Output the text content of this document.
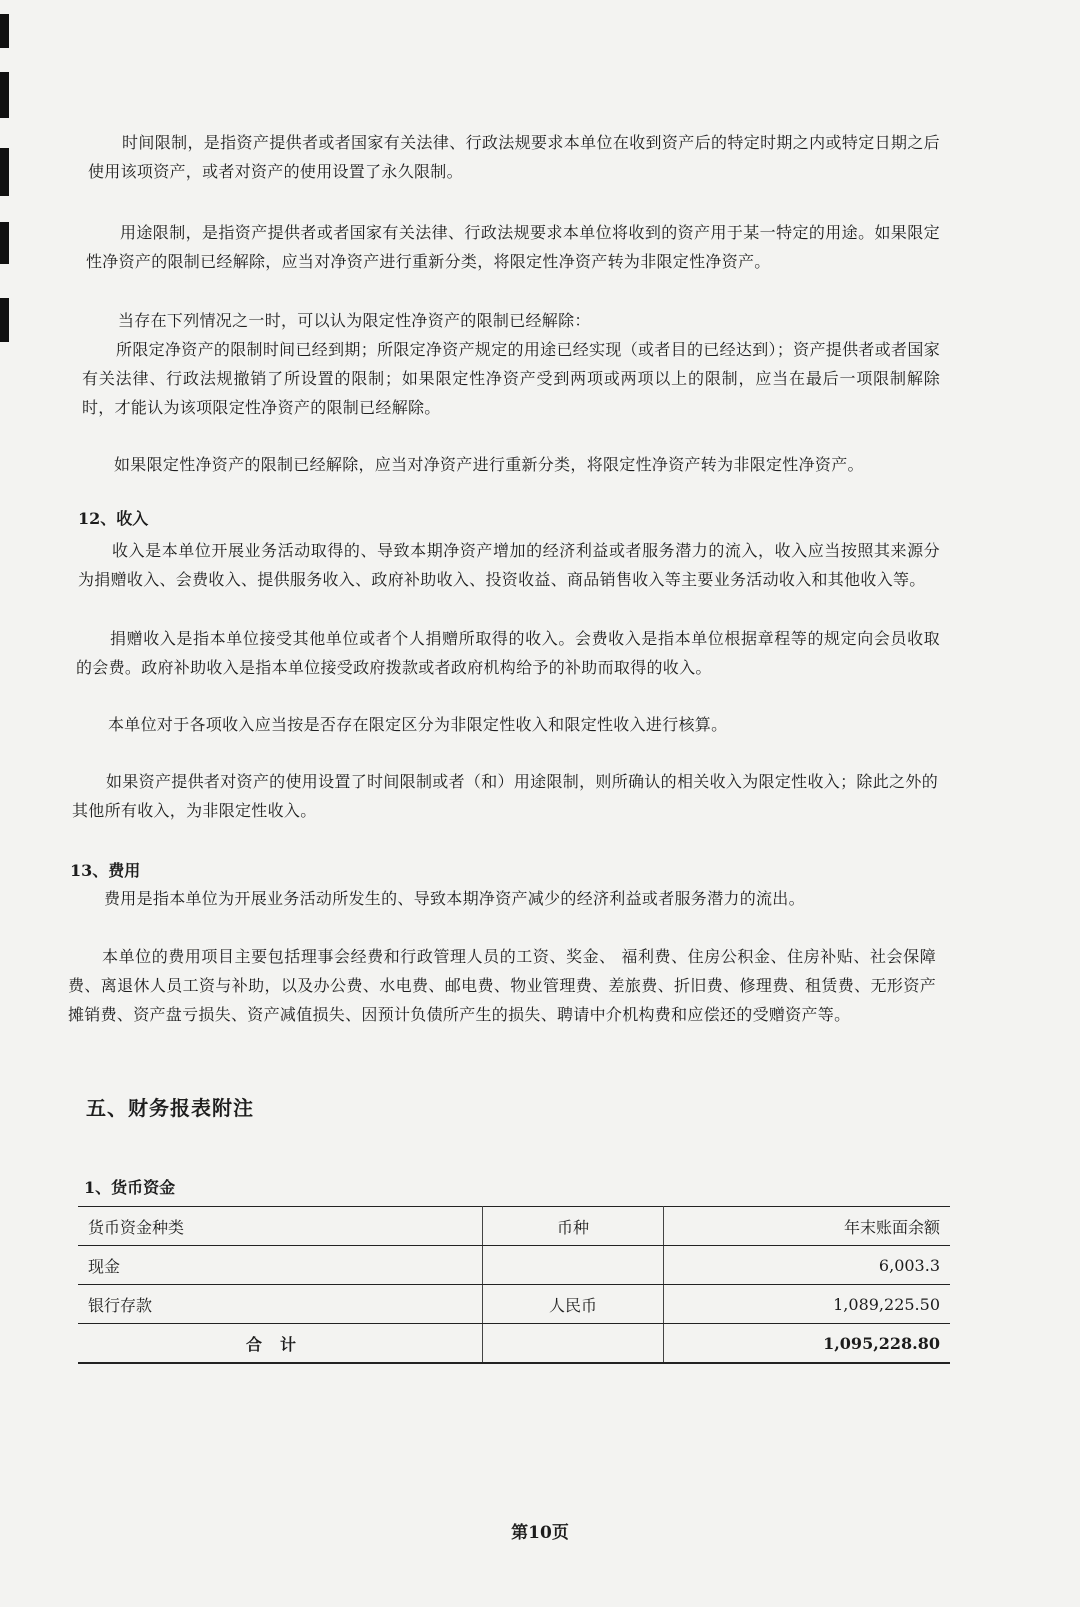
时间限制，是指资产提供者或者国家有关法律、行政法规要求本单位在收到资产后的特定时期之内或特定日期之后使用该项资产，或者对资产的使用设置了永久限制。

用途限制，是指资产提供者或者国家有关法律、行政法规要求本单位将收到的资产用于某一特定的用途。如果限定性净资产的限制已经解除，应当对净资产进行重新分类，将限定性净资产转为非限定性净资产。

当存在下列情况之一时，可以认为限定性净资产的限制已经解除：

所限定净资产的限制时间已经到期；所限定净资产规定的用途已经实现（或者目的已经达到）；资产提供者或者国家有关法律、行政法规撤销了所设置的限制；如果限定性净资产受到两项或两项以上的限制，应当在最后一项限制解除时，才能认为该项限定性净资产的限制已经解除。

如果限定性净资产的限制已经解除，应当对净资产进行重新分类，将限定性净资产转为非限定性净资产。

12、收入

收入是本单位开展业务活动取得的、导致本期净资产增加的经济利益或者服务潜力的流入，收入应当按照其来源分为捐赠收入、会费收入、提供服务收入、政府补助收入、投资收益、商品销售收入等主要业务活动收入和其他收入等。

捐赠收入是指本单位接受其他单位或者个人捐赠所取得的收入。会费收入是指本单位根据章程等的规定向会员收取的会费。政府补助收入是指本单位接受政府拨款或者政府机构给予的补助而取得的收入。

本单位对于各项收入应当按是否存在限定区分为非限定性收入和限定性收入进行核算。

如果资产提供者对资产的使用设置了时间限制或者（和）用途限制，则所确认的相关收入为限定性收入；除此之外的其他所有收入，为非限定性收入。

13、费用

费用是指本单位为开展业务活动所发生的、导致本期净资产减少的经济利益或者服务潜力的流出。

本单位的费用项目主要包括理事会经费和行政管理人员的工资、奖金、 福利费、住房公积金、住房补贴、社会保障费、离退休人员工资与补助，以及办公费、水电费、邮电费、物业管理费、差旅费、折旧费、修理费、租赁费、无形资产摊销费、资产盘亏损失、资产减值损失、因预计负债所产生的损失、聘请中介机构费和应偿还的受赠资产等。

五、财务报表附注
1、货币资金
货币资金种类	币种	年末账面余额
现金		6,003.3
银行存款	人民币	1,089,225.50
合计		1,095,228.80
第10页
